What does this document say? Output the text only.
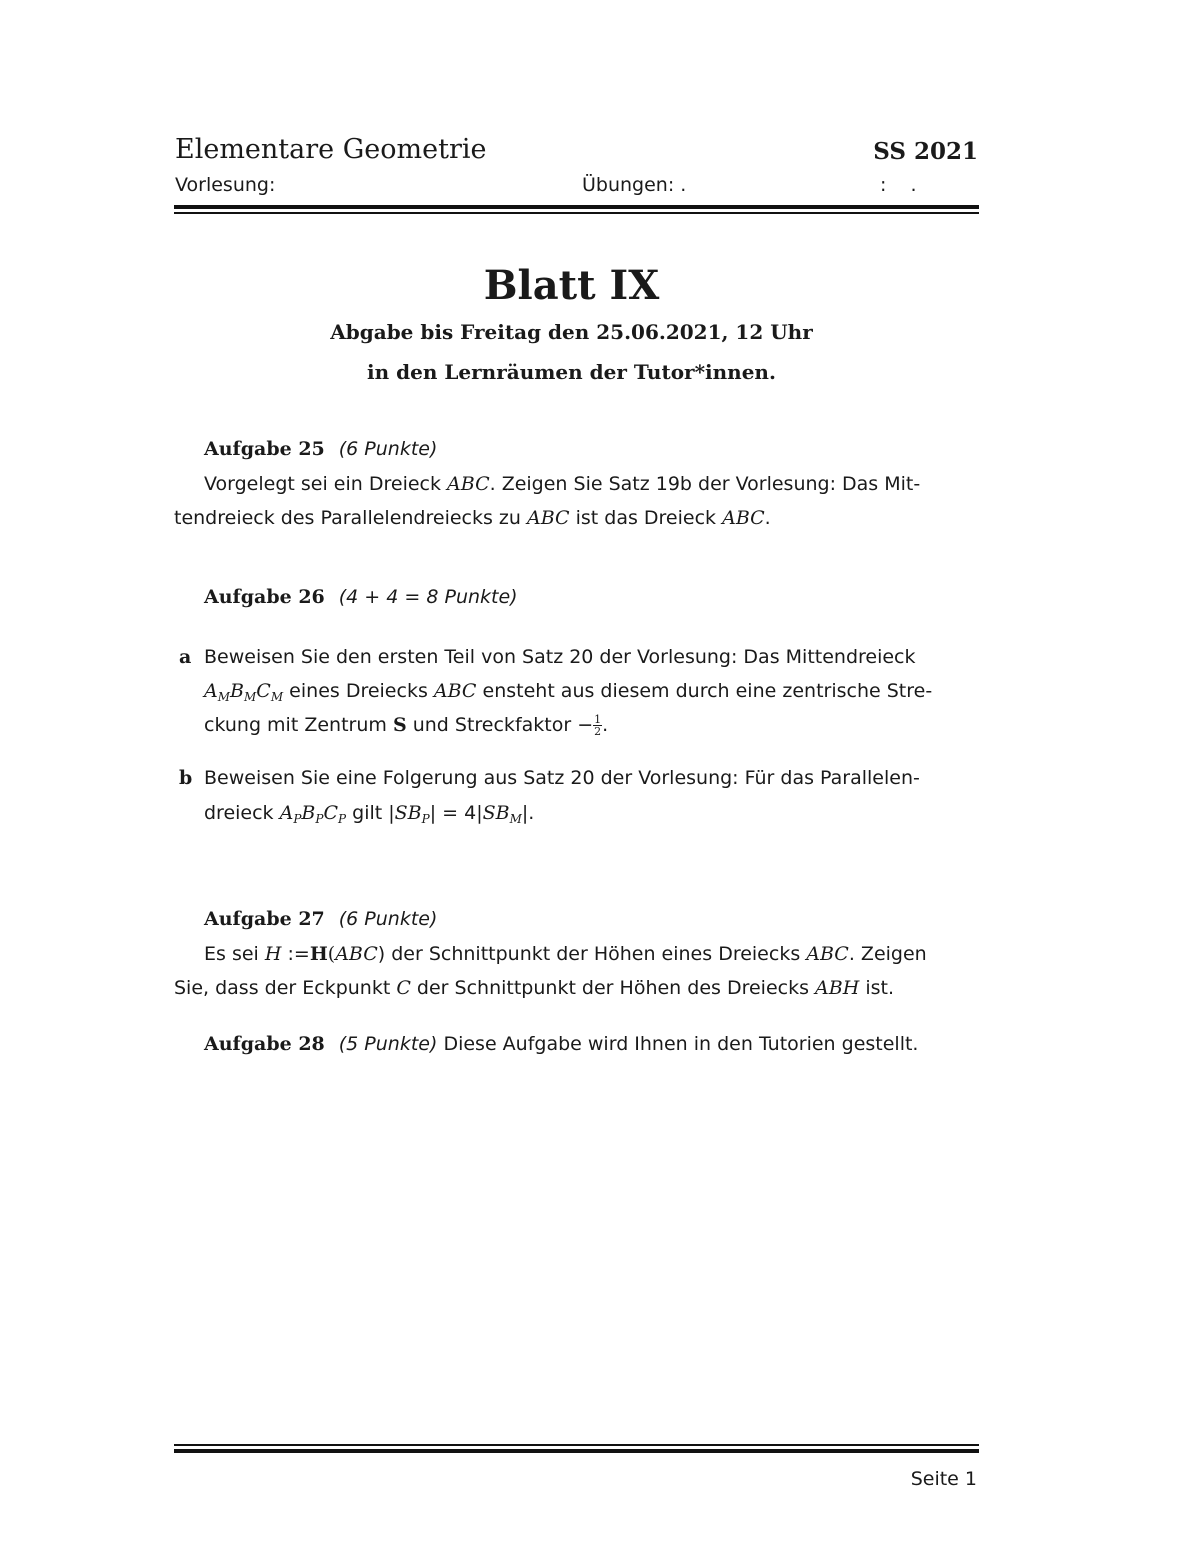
Elementare Geometrie	SS 2021
Vorlesung:	Übungen: .	:    .
Blatt IX
Abgabe bis Freitag den 25.06.2021, 12 Uhr
in den Lernräumen der Tutor*innen.
Aufgabe 25 (6 Punkte)
Vorgelegt sei ein Dreieck ABC. Zeigen Sie Satz 19b der Vorlesung: Das Mit-
tendreieck des Parallelendreiecks zu ABC ist das Dreieck ABC.
Aufgabe 26 (4 + 4 = 8 Punkte)
a Beweisen Sie den ersten Teil von Satz 20 der Vorlesung: Das Mittendreieck
$A_MB_MC_M$ eines Dreiecks ABC ensteht aus diesem durch eine zentrische Stre-
ckung mit Zentrum S und Streckfaktor − $\frac{1}{2}$ .
b Beweisen Sie eine Folgerung aus Satz 20 der Vorlesung: Für das Parallelen-
dreieck $A_PB_PC_P$ gilt $|SB_P| = 4|SB_M|$.
Aufgabe 27 (6 Punkte)
Es sei H :=H(ABC) der Schnittpunkt der Höhen eines Dreiecks ABC. Zeigen
Sie, dass der Eckpunkt C der Schnittpunkt der Höhen des Dreiecks ABH ist.
Aufgabe 28 (5 Punkte) Diese Aufgabe wird Ihnen in den Tutorien gestellt.
Seite 1
